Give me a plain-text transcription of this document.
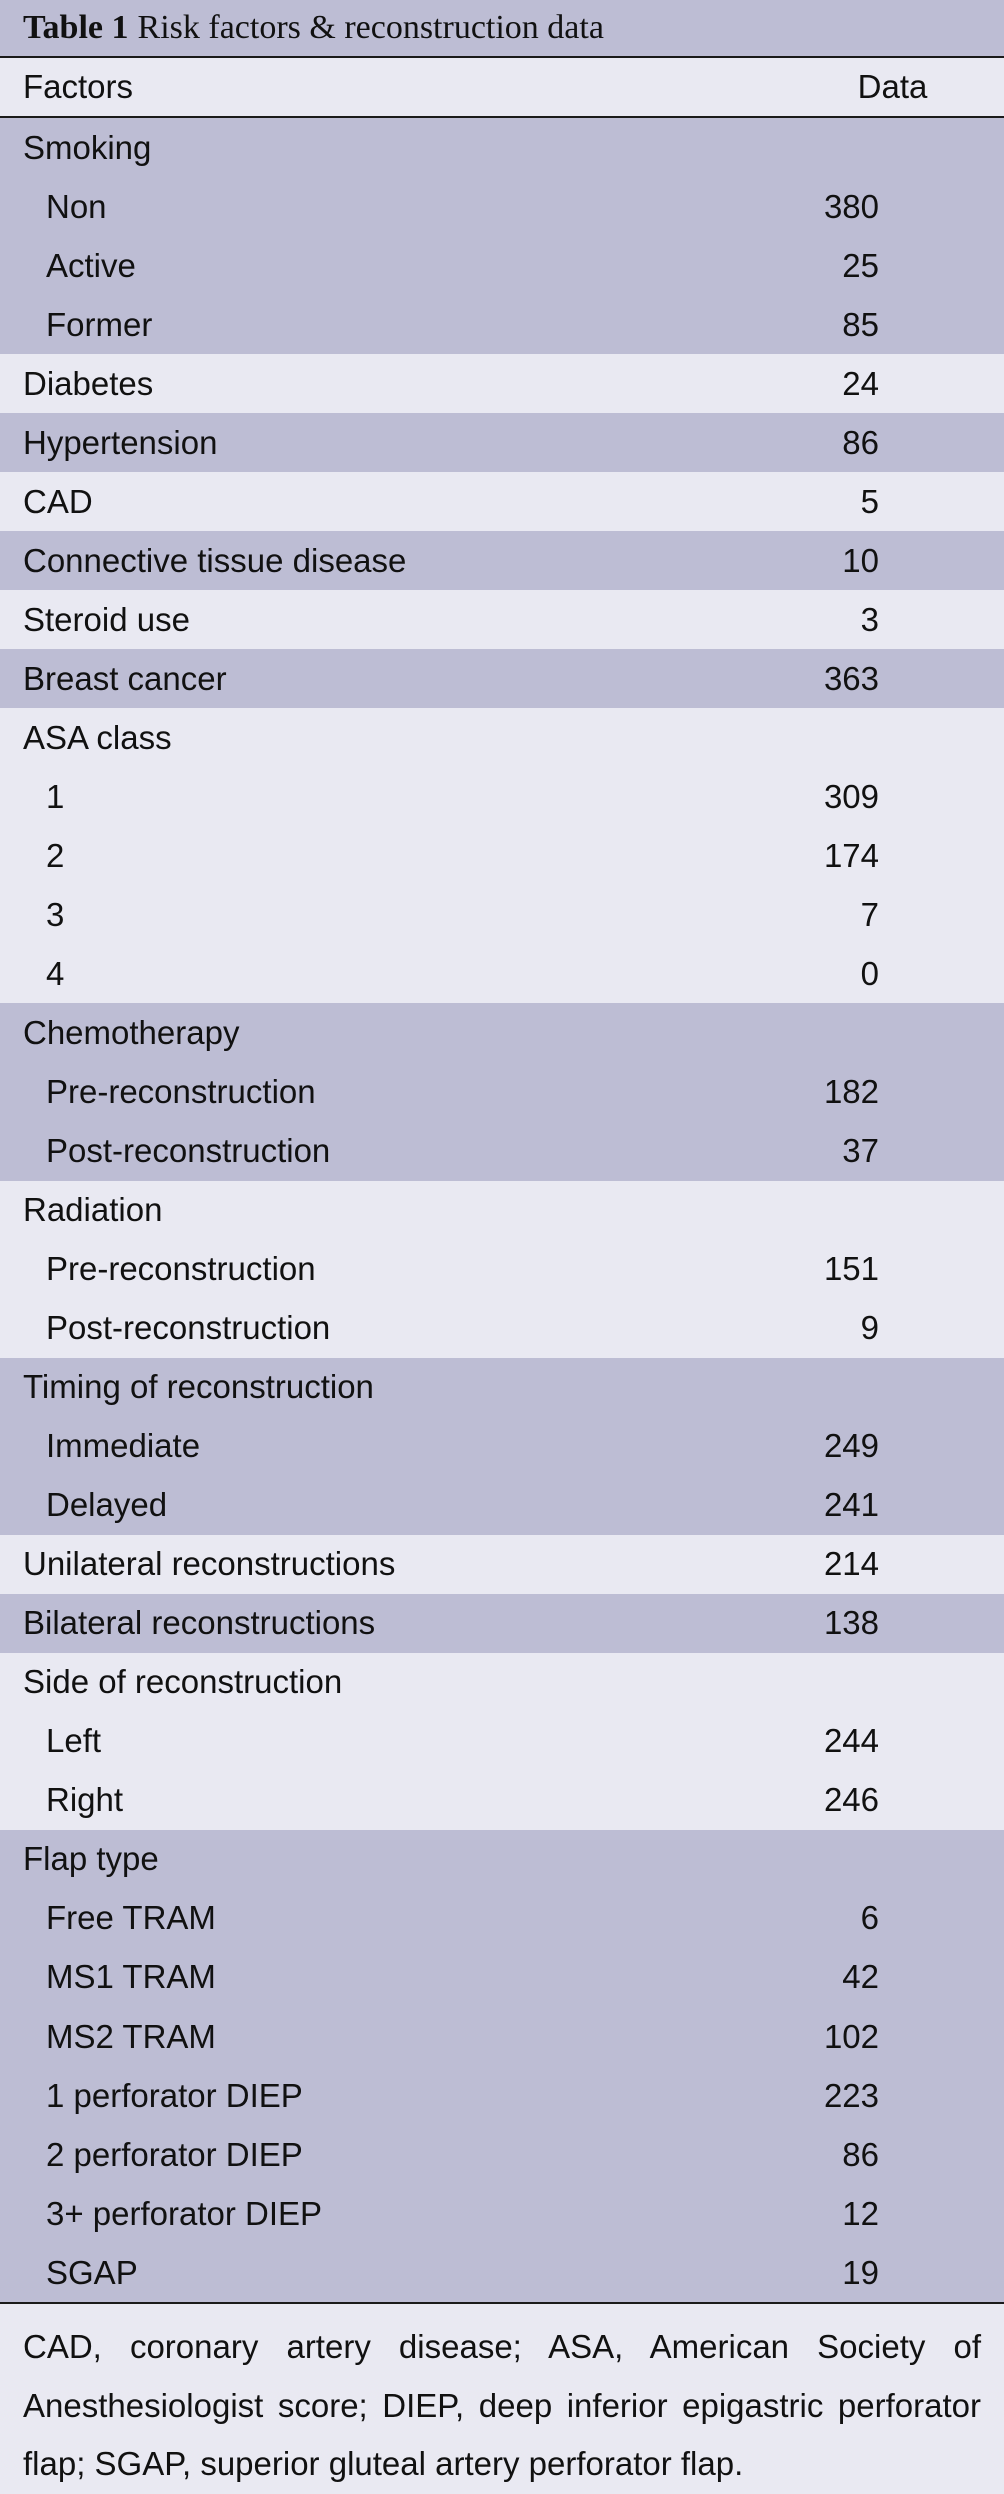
Table 1 Risk factors & reconstruction data
Factors	Data
Smoking
Non	380
Active	25
Former	85
Diabetes	24
Hypertension	86
CAD	5
Connective tissue disease	10
Steroid use	3
Breast cancer	363
ASA class
1	309
2	174
3	7
4	0
Chemotherapy
Pre-reconstruction	182
Post-reconstruction	37
Radiation
Pre-reconstruction	151
Post-reconstruction	9
Timing of reconstruction
Immediate	249
Delayed	241
Unilateral reconstructions	214
Bilateral reconstructions	138
Side of reconstruction
Left	244
Right	246
Flap type
Free TRAM	6
MS1 TRAM	42
MS2 TRAM	102
1 perforator DIEP	223
2 perforator DIEP	86
3+ perforator DIEP	12
SGAP	19
CAD, coronary artery disease; ASA, American Society of Anesthesiologist score; DIEP, deep inferior epigastric perforator flap; SGAP, superior gluteal artery perforator flap.
